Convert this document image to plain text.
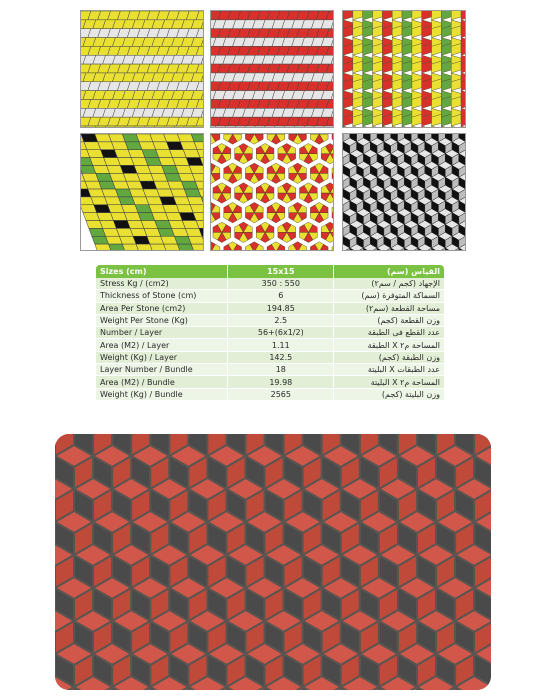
Sizes (cm)	15x15	القياس (سم)
Stress Kg / (cm2)	350 : 550	الإجهاد (كجم / سم٢)
Thickness of Stone (cm)	6	السماكة المتوفرة (سم)
Area Per Stone (cm2)	194.85	مساحة القطعة (سم٢)
Weight Per Stone (Kg)	2.5	وزن القطعة (كجم)
Number / Layer	56+(6x1/2)	عدد القطع فى الطبقة
Area (M2) / Layer	1.11	المساحة م٢ X الطبقة
Weight (Kg) / Layer	142.5	وزن الطبقة (كجم)
Layer Number / Bundle	18	عدد الطبقات X البليتة
Area (M2) / Bundle	19.98	المساحة م٢ X البليتة
Weight (Kg) / Bundle	2565	وزن البليتة (كجم)
